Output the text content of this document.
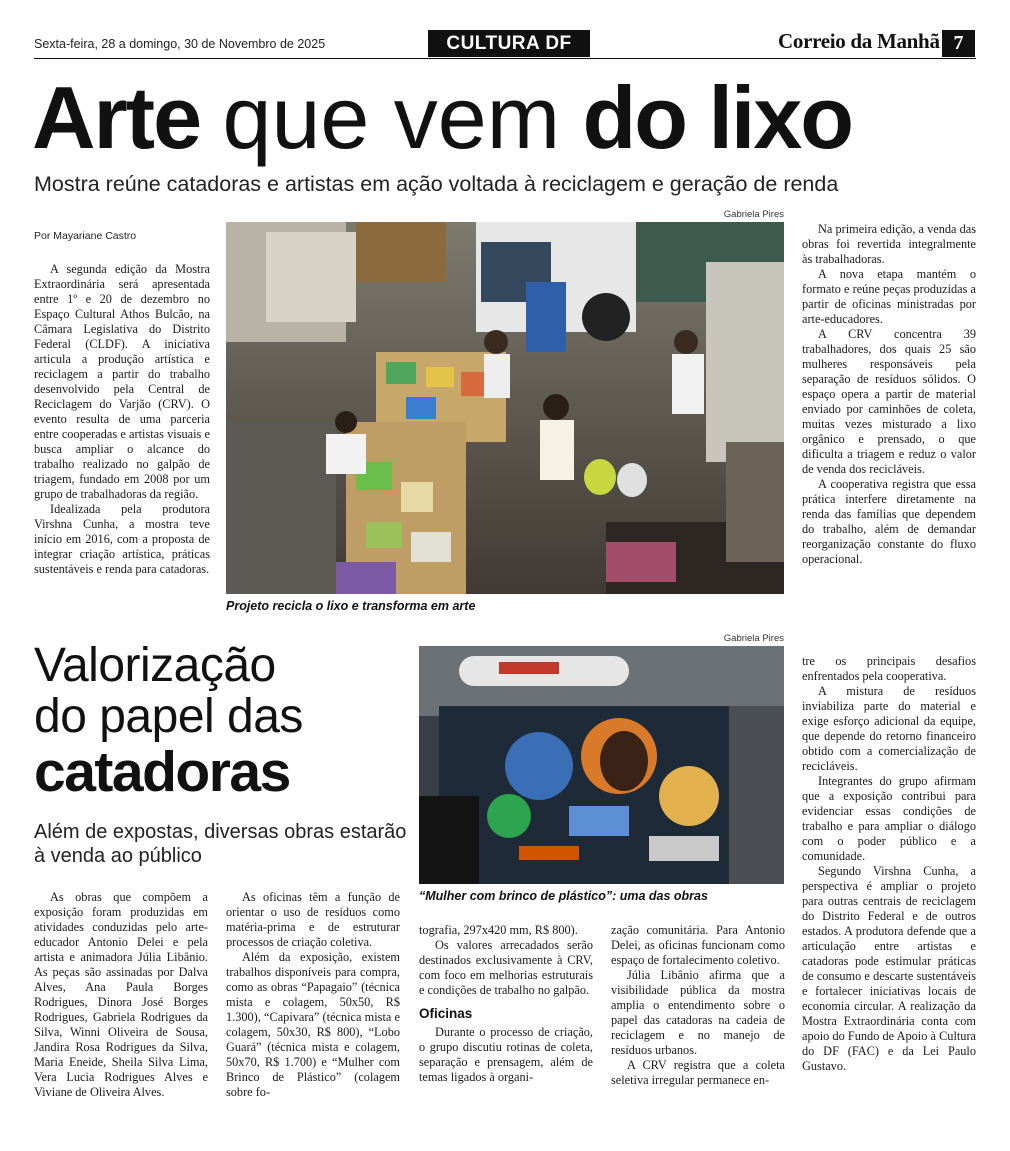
Sexta-feira, 28 a domingo, 30 de Novembro de 2025	CULTURA DF	Correio da Manhã 7
Arte que vem do lixo
Mostra reúne catadoras e artistas em ação voltada à reciclagem e geração de renda
Por Mayariane Castro

A segunda edição da Mostra Extraordinária será apresentada entre 1º e 20 de dezembro no Espaço Cultural Athos Bulcão, na Câmara Legislativa do Distrito Federal (CLDF). A iniciativa articula a produção artística e reciclagem a partir do trabalho desenvolvido pela Central de Reciclagem do Varjão (CRV). O evento resulta de uma parceria entre cooperadas e artistas visuais e busca ampliar o alcance do trabalho realizado no galpão de triagem, fundado em 2008 por um grupo de trabalhadoras da região.

Idealizada pela produtora Virshna Cunha, a mostra teve início em 2016, com a proposta de integrar criação artística, práticas sustentáveis e renda para catadoras.

Gabriela Pires
Projeto recicla o lixo e transforma em arte

Na primeira edição, a venda das obras foi revertida integralmente às trabalhadoras.

A nova etapa mantém o formato e reúne peças produzidas a partir de oficinas ministradas por arte-educadores.

A CRV concentra 39 trabalhadores, dos quais 25 são mulheres responsáveis pela separação de resíduos sólidos. O espaço opera a partir de material enviado por caminhões de coleta, muitas vezes misturado a lixo orgânico e prensado, o que dificulta a triagem e reduz o valor de venda dos recicláveis.

A cooperativa registra que essa prática interfere diretamente na renda das famílias que dependem do trabalho, além de demandar reorganização constante do fluxo operacional.

Valorização
do papel das
catadoras
Além de expostas, diversas obras estarão à venda ao público
Gabriela Pires
“Mulher com brinco de plástico”: uma das obras

As obras que compõem a exposição foram produzidas em atividades conduzidas pelo arte-educador Antonio Delei e pela artista e animadora Júlia Libânio. As peças são assinadas por Dalva Alves, Ana Paula Borges Rodrigues, Dinora José Borges Rodrigues, Gabriela Rodrigues da Silva, Winni Oliveira de Sousa, Jandira Rosa Rodrigues da Silva, Maria Eneide, Sheila Silva Lima, Vera Lucia Rodrigues Alves e Viviane de Oliveira Alves.

As oficinas têm a função de orientar o uso de resíduos como matéria-prima e de estruturar processos de criação coletiva.

Além da exposição, existem trabalhos disponíveis para compra, como as obras “Papagaio” (técnica mista e colagem, 50x50, R$ 1.300), “Capivara” (técnica mista e colagem, 50x30, R$ 800), “Lobo Guará” (técnica mista e colagem, 50x70, R$ 1.700) e “Mulher com Brinco de Plástico” (colagem sobre fo-

tografia, 297x420 mm, R$ 800).

Os valores arrecadados serão destinados exclusivamente à CRV, com foco em melhorias estruturais e condições de trabalho no galpão.

Oficinas

Durante o processo de criação, o grupo discutiu rotinas de coleta, separação e prensagem, além de temas ligados à organi-

zação comunitária. Para Antonio Delei, as oficinas funcionam como espaço de fortalecimento coletivo.

Júlia Libânio afirma que a visibilidade pública da mostra amplia o entendimento sobre o papel das catadoras na cadeia de reciclagem e no manejo de resíduos urbanos.

A CRV registra que a coleta seletiva irregular permanece en-

tre os principais desafios enfrentados pela cooperativa.

A mistura de resíduos inviabiliza parte do material e exige esforço adicional da equipe, que depende do retorno financeiro obtido com a comercialização de recicláveis.

Integrantes do grupo afirmam que a exposição contribui para evidenciar essas condições de trabalho e para ampliar o diálogo com o poder público e a comunidade.

Segundo Virshna Cunha, a perspectiva é ampliar o projeto para outras centrais de reciclagem do Distrito Federal e de outros estados. A produtora defende que a articulação entre artistas e catadoras pode estimular práticas de consumo e descarte sustentáveis e fortalecer iniciativas locais de economia circular. A realização da Mostra Extraordinária conta com apoio do Fundo de Apoio à Cultura do DF (FAC) e da Lei Paulo Gustavo.
